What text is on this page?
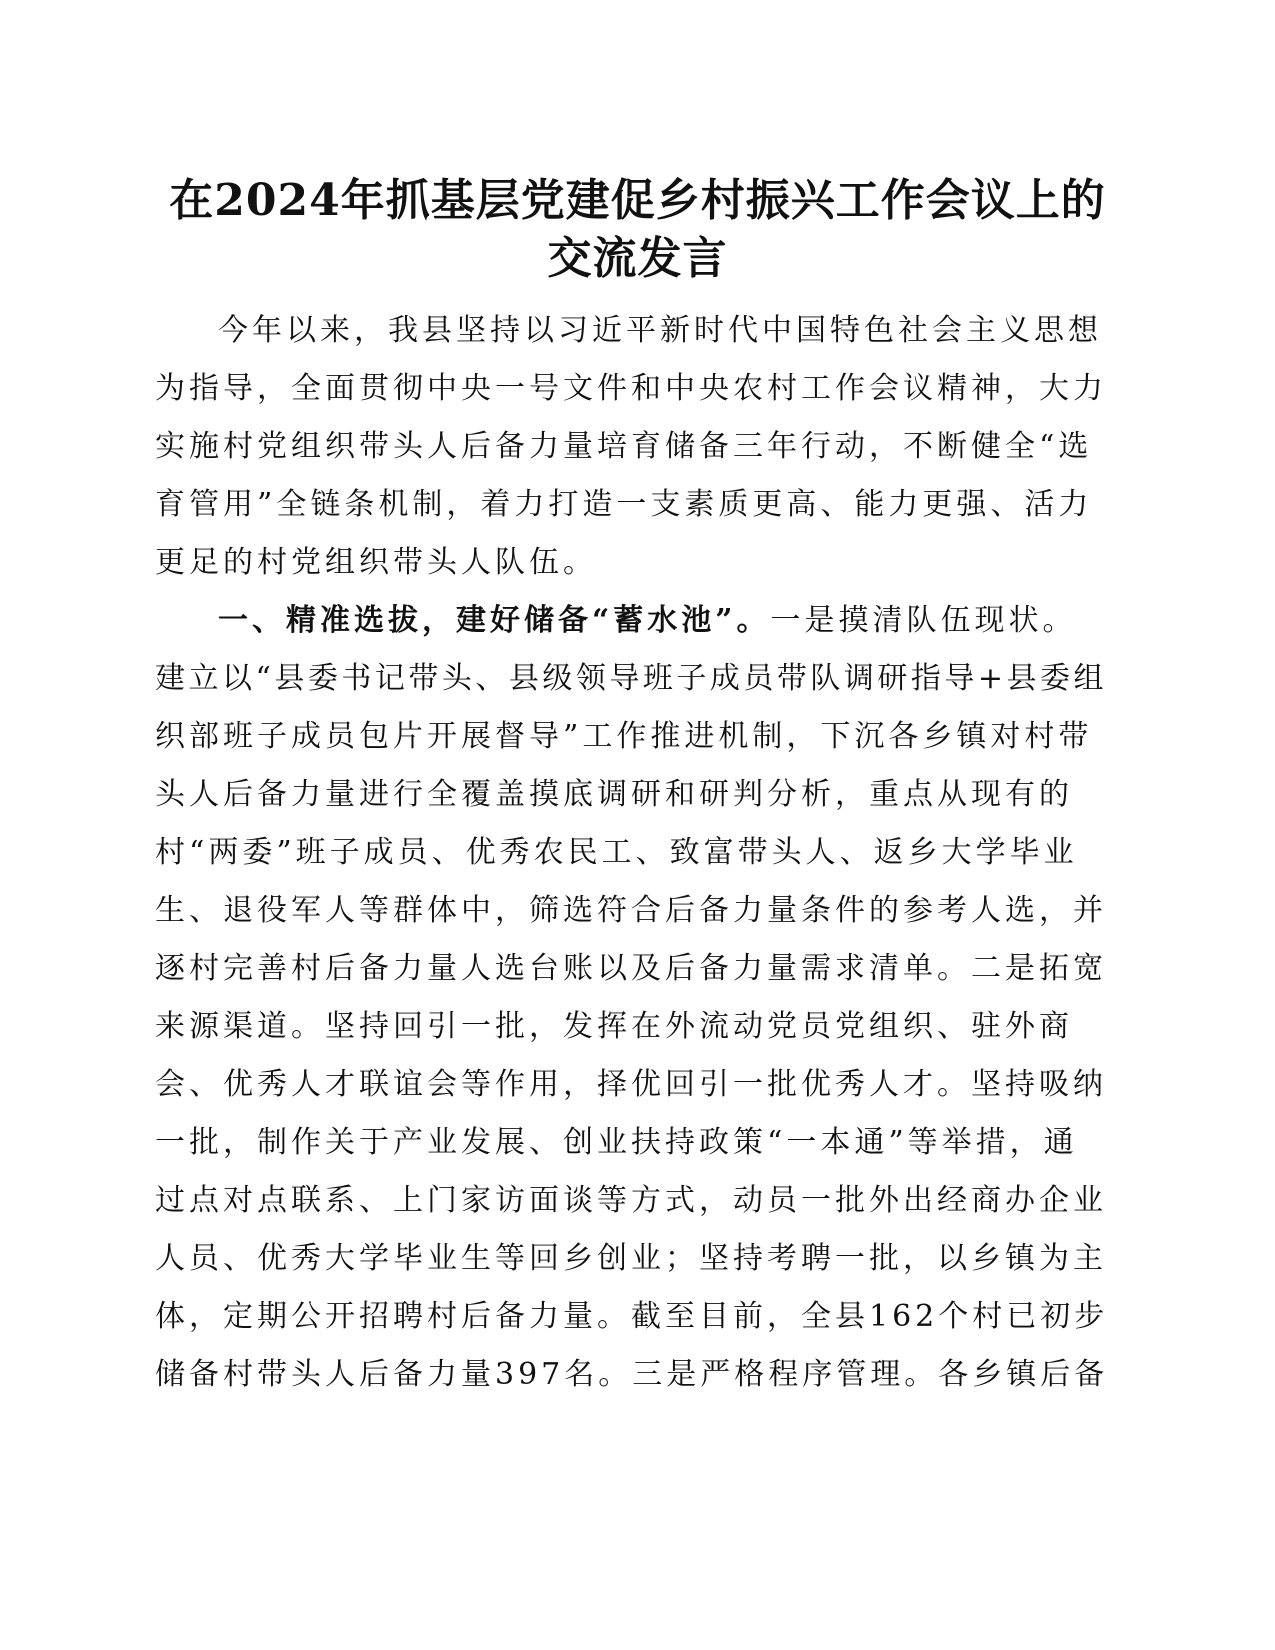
在2024年抓基层党建促乡村振兴工作会议上的
交流发言
今年以来，我县坚持以习近平新时代中国特色社会主义思想
为指导，全面贯彻中央一号文件和中央农村工作会议精神，大力
实施村党组织带头人后备力量培育储备三年行动，不断健全“选
育管用”全链条机制，着力打造一支素质更高、能力更强、活力
更足的村党组织带头人队伍。
一、精准选拔，建好储备“蓄水池”。一是摸清队伍现状。
建立以“县委书记带头、县级领导班子成员带队调研指导+县委组
织部班子成员包片开展督导”工作推进机制，下沉各乡镇对村带
头人后备力量进行全覆盖摸底调研和研判分析，重点从现有的
村“两委”班子成员、优秀农民工、致富带头人、返乡大学毕业
生、退役军人等群体中，筛选符合后备力量条件的参考人选，并
逐村完善村后备力量人选台账以及后备力量需求清单。二是拓宽
来源渠道。坚持回引一批，发挥在外流动党员党组织、驻外商
会、优秀人才联谊会等作用，择优回引一批优秀人才。坚持吸纳
一批，制作关于产业发展、创业扶持政策“一本通”等举措，通
过点对点联系、上门家访面谈等方式，动员一批外出经商办企业
人员、优秀大学毕业生等回乡创业；坚持考聘一批，以乡镇为主
体，定期公开招聘村后备力量。截至目前，全县162个村已初步
储备村带头人后备力量397名。三是严格程序管理。各乡镇后备
